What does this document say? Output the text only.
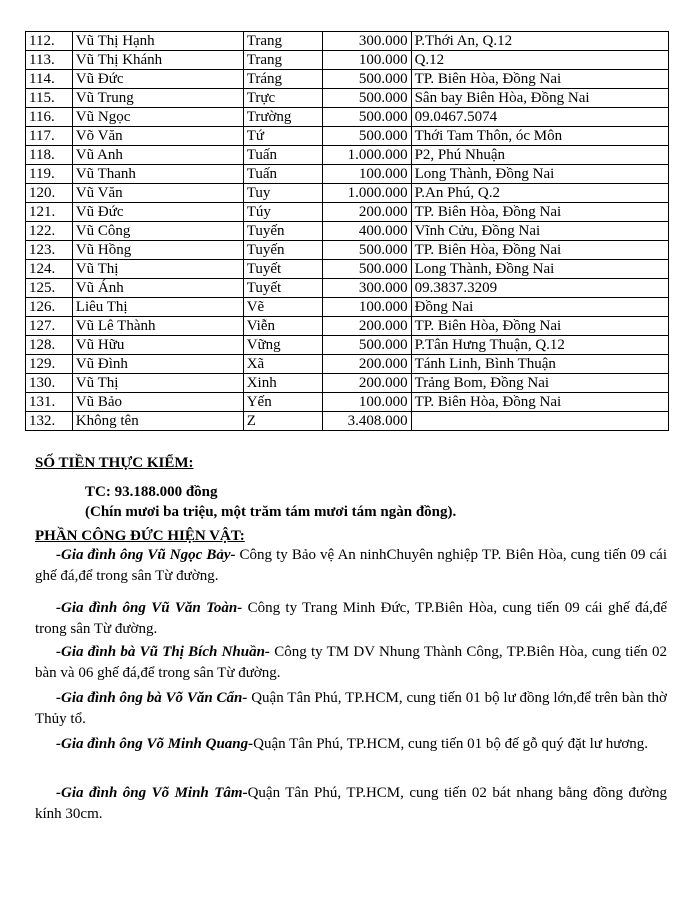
112.	Vũ Thị Hạnh	Trang	300.000	P.Thới An, Q.12
113.	Vũ Thị Khánh	Trang	100.000	Q.12
114.	Vũ Đức	Tráng	500.000	TP. Biên Hòa, Đồng Nai
115.	Vũ Trung	Trực	500.000	Sân bay Biên Hòa, Đồng Nai
116.	Vũ Ngọc	Trường	500.000	09.0467.5074
117.	Võ Văn	Tứ	500.000	Thới Tam Thôn, óc Môn
118.	Vũ Anh	Tuấn	1.000.000	P2, Phú Nhuận
119.	Vũ Thanh	Tuấn	100.000	Long Thành, Đồng Nai
120.	Vũ Văn	Tuy	1.000.000	P.An Phú, Q.2
121.	Vũ Đức	Túy	200.000	TP. Biên Hòa, Đồng Nai
122.	Vũ Công	Tuyến	400.000	Vĩnh Cửu, Đồng Nai
123.	Vũ Hồng	Tuyến	500.000	TP. Biên Hòa, Đồng Nai
124.	Vũ Thị	Tuyết	500.000	Long Thành, Đồng Nai
125.	Vũ Ánh	Tuyết	300.000	09.3837.3209
126.	Liêu Thị	Vẽ	100.000	Đồng Nai
127.	Vũ Lê Thành	Viễn	200.000	TP. Biên Hòa, Đồng Nai
128.	Vũ Hữu	Vững	500.000	P.Tân Hưng Thuận, Q.12
129.	Vũ Đình	Xã	200.000	Tánh Linh, Bình Thuận
130.	Vũ Thị	Xinh	200.000	Trảng Bom, Đồng Nai
131.	Vũ Bảo	Yến	100.000	TP. Biên Hòa, Đồng Nai
132.	Không tên	Z	3.408.000	
SỐ TIỀN THỰC KIỂM:
TC: 93.188.000 đồng
(Chín mươi ba triệu, một trăm tám mươi tám ngàn đồng).
PHẦN CÔNG ĐỨC HIỆN VẬT:
-Gia đình ông Vũ Ngọc Bảy- Công ty Bảo vệ An ninhChuyên nghiệp TP. Biên Hòa, cung tiến 09 cái ghế đá,để trong sân Từ đường.
-Gia đình ông Vũ Văn Toàn- Công ty Trang Minh Đức, TP.Biên Hòa, cung tiến 09 cái ghế đá,để trong sân Từ đường.
-Gia đình bà Vũ Thị Bích Nhuần- Công ty TM DV Nhung Thành Công, TP.Biên Hòa, cung tiến 02 bàn và 06 ghế đá,để trong sân Từ đường.
-Gia đình ông bà Võ Văn Cẩn- Quận Tân Phú, TP.HCM, cung tiến 01 bộ lư đồng lớn,để trên bàn thờ Thủy tổ.
-Gia đình ông Võ Minh Quang-Quận Tân Phú, TP.HCM, cung tiến 01 bộ đế gỗ quý đặt lư hương.
-Gia đình ông Võ Minh Tâm-Quận Tân Phú, TP.HCM, cung tiến 02 bát nhang bằng đồng đường kính 30cm.
